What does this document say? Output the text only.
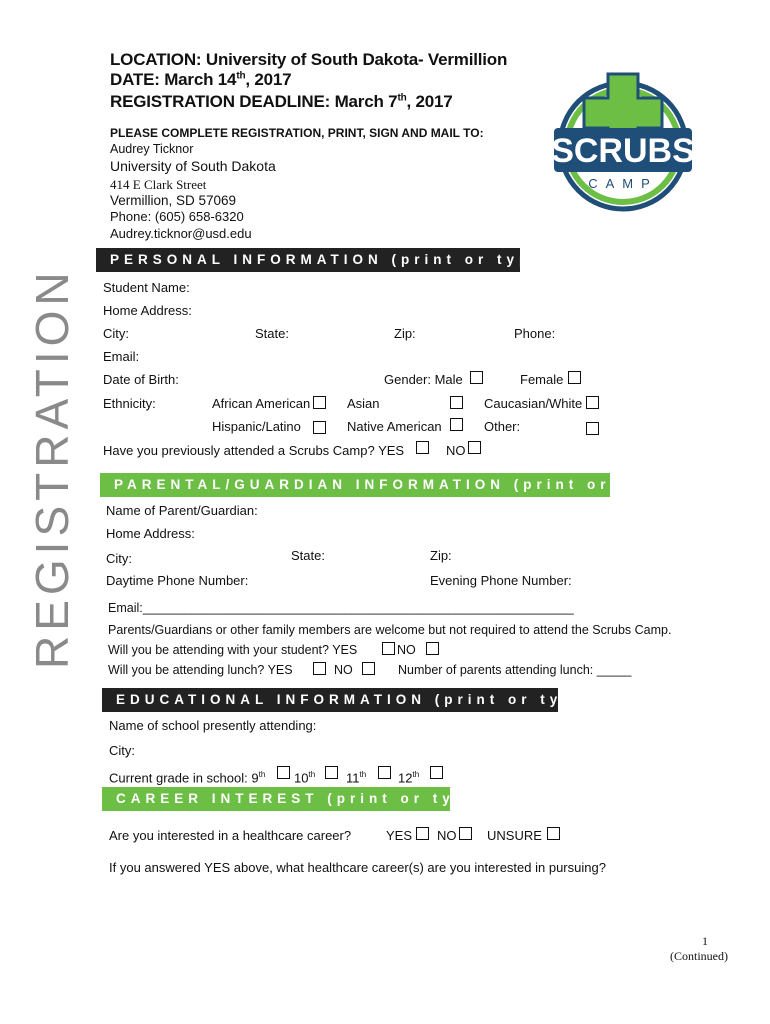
LOCATION: University of South Dakota- Vermillion
DATE: March 14th, 2017
REGISTRATION DEADLINE: March 7th, 2017
PLEASE COMPLETE REGISTRATION, PRINT, SIGN AND MAIL TO:
Audrey Ticknor
University of South Dakota
414 E Clark Street
Vermillion, SD 57069
Phone: (605) 658-6320
Audrey.ticknor@usd.edu
SCRUBS
CAMP
REGISTRATION
PERSONAL INFORMATION (print or type)
Student Name:
Home Address:
City:	State:	Zip:	Phone:
Email:
Date of Birth:	Gender: Male	Female
Ethnicity:	African American	Asian	Caucasian/White
Hispanic/Latino	Native American	Other:
Have you previously attended a Scrubs Camp? YES	NO
PARENTAL/GUARDIAN INFORMATION (print or type
Name of Parent/Guardian:
Home Address:
City:	State:	Zip:
Daytime Phone Number:	Evening Phone Number:
Email:______________________________________________________________
Parents/Guardians or other family members are welcome but not required to attend the Scrubs Camp.
Will you be attending with your student? YES	NO
Will you be attending lunch? YES	NO	Number of parents attending lunch: _____
EDUCATIONAL INFORMATION (print or type)
Name of school presently attending:
City:
Current grade in school: 9th 10th 11th 12th
CAREER INTEREST (print or type
Are you interested in a healthcare career?	YES NO UNSURE
If you answered YES above, what healthcare career(s) are you interested in pursuing?
1
(Continued)
